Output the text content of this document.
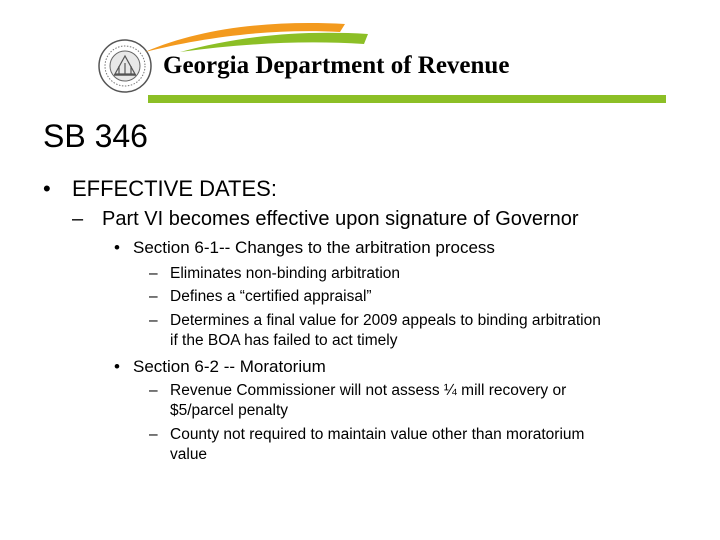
Georgia Department of Revenue
SB 346
• EFFECTIVE DATES:
– Part VI becomes effective upon signature of Governor
• Section 6-1-- Changes to the arbitration process
– Eliminates non-binding arbitration
– Defines a “certified appraisal”
– Determines a final value for 2009 appeals to binding arbitration
if the BOA has failed to act timely
• Section 6-2 -- Moratorium
– Revenue Commissioner will not assess ¼ mill recovery or
$5/parcel penalty
– County not required to maintain value other than moratorium
value
